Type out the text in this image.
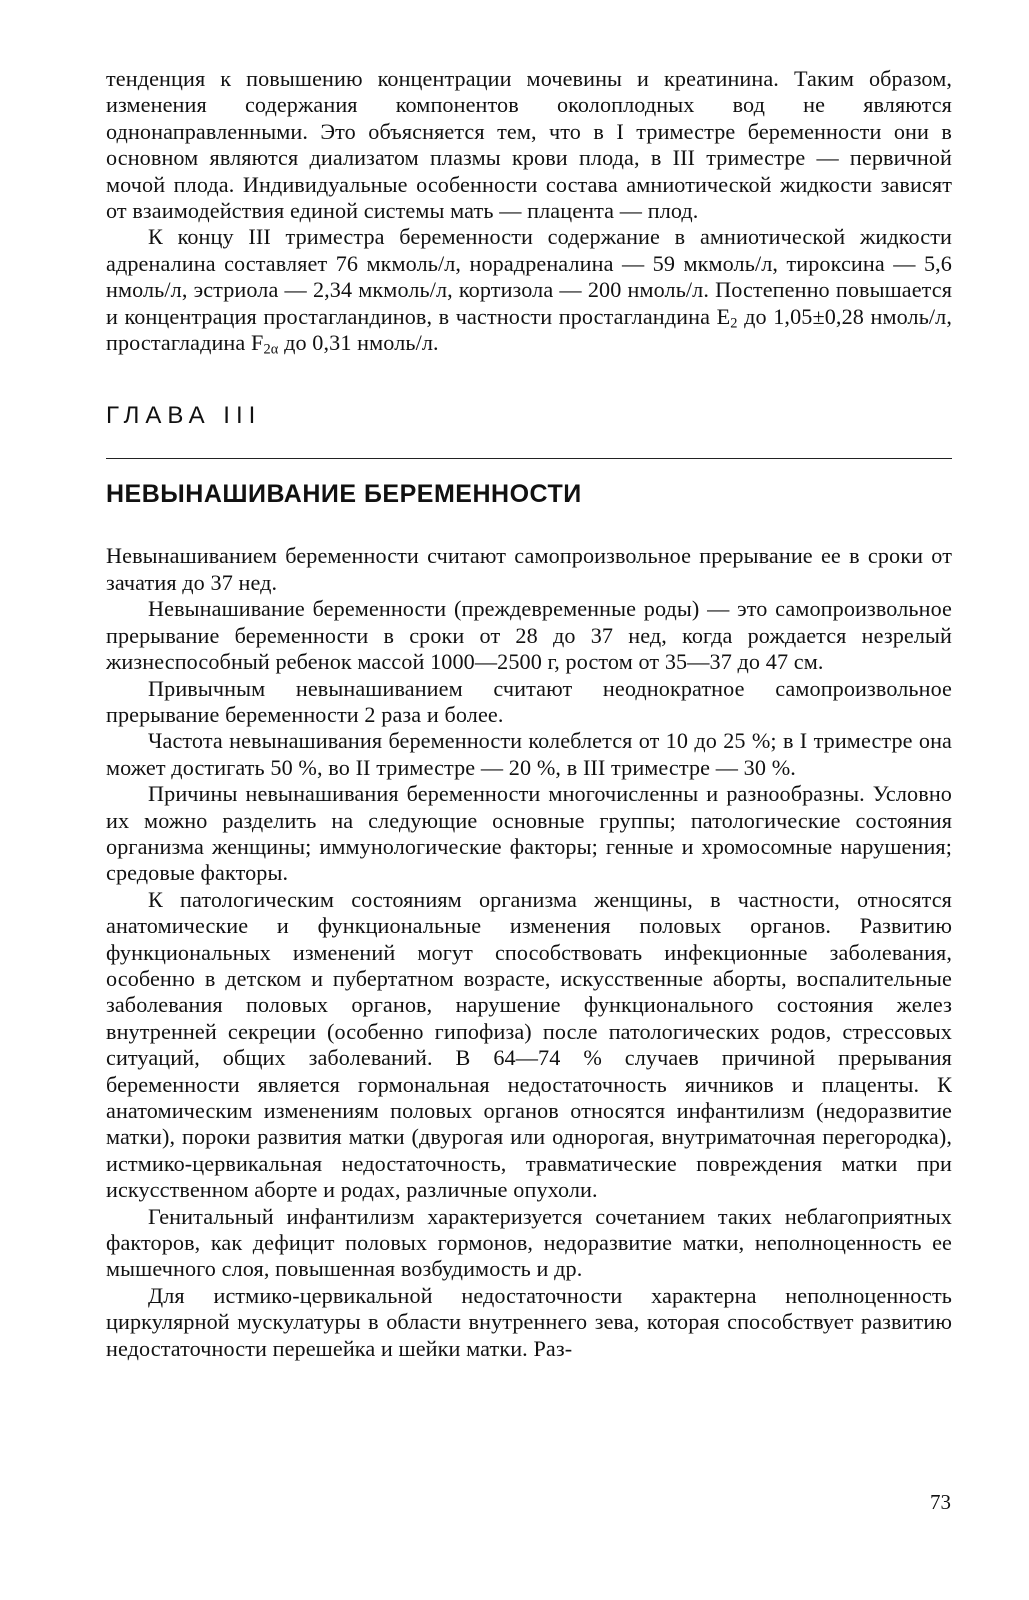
тенденция к повышению концентрации мочевины и креатинина. Таким образом, изменения содержания компонентов околоплодных вод не являются однонаправленными. Это объясняется тем, что в I триместре беременности они в основном являются диализатом плазмы крови плода, в III триместре — первичной мочой плода. Индивидуальные особенности состава амниотической жидкости зависят от взаимодействия единой системы мать — плацента — плод.

К концу III триместра беременности содержание в амниотической жидкости адреналина составляет 76 мкмоль/л, норадреналина — 59 мкмоль/л, тироксина — 5,6 нмоль/л, эстриола — 2,34 мкмоль/л, кортизола — 200 нмоль/л. Постепенно повышается и концентрация простагландинов, в частности простагландина $E_2$ до 1,05±0,28 нмоль/л, простагладина $F_{2\alpha}$ до 0,31 нмоль/л.

ГЛАВА III

НЕВЫНАШИВАНИЕ БЕРЕМЕННОСТИ

Невынашиванием беременности считают самопроизвольное прерывание ее в сроки от зачатия до 37 нед.

Невынашивание беременности (преждевременные роды) — это самопроизвольное прерывание беременности в сроки от 28 до 37 нед, когда рождается незрелый жизнеспособный ребенок массой 1000—2500 г, ростом от 35—37 до 47 см.

Привычным невынашиванием считают неоднократное самопроизвольное прерывание беременности 2 раза и более.

Частота невынашивания беременности колеблется от 10 до 25 %; в I триместре она может достигать 50 %, во II триместре — 20 %, в III триместре — 30 %.

Причины невынашивания беременности многочисленны и разнообразны. Условно их можно разделить на следующие основные группы; патологические состояния организма женщины; иммунологические факторы; генные и хромосомные нарушения; средовые факторы.

К патологическим состояниям организма женщины, в частности, относятся анатомические и функциональные изменения половых органов. Развитию функциональных изменений могут способствовать инфекционные заболевания, особенно в детском и пубертатном возрасте, искусственные аборты, воспалительные заболевания половых органов, нарушение функционального состояния желез внутренней секреции (особенно гипофиза) после патологических родов, стрессовых ситуаций, общих заболеваний. В 64—74 % случаев причиной прерывания беременности является гормональная недостаточность яичников и плаценты. К анатомическим изменениям половых органов относятся инфантилизм (недоразвитие матки), пороки развития матки (двурогая или однорогая, внутриматочная перегородка), истмико-цервикальная недостаточность, травматические повреждения матки при искусственном аборте и родах, различные опухоли.

Генитальный инфантилизм характеризуется сочетанием таких неблагоприятных факторов, как дефицит половых гормонов, недоразвитие матки, неполноценность ее мышечного слоя, повышенная возбудимость и др.

Для истмико-цервикальной недостаточности характерна неполноценность циркулярной мускулатуры в области внутреннего зева, которая способствует развитию недостаточности перешейка и шейки матки. Раз-

73
